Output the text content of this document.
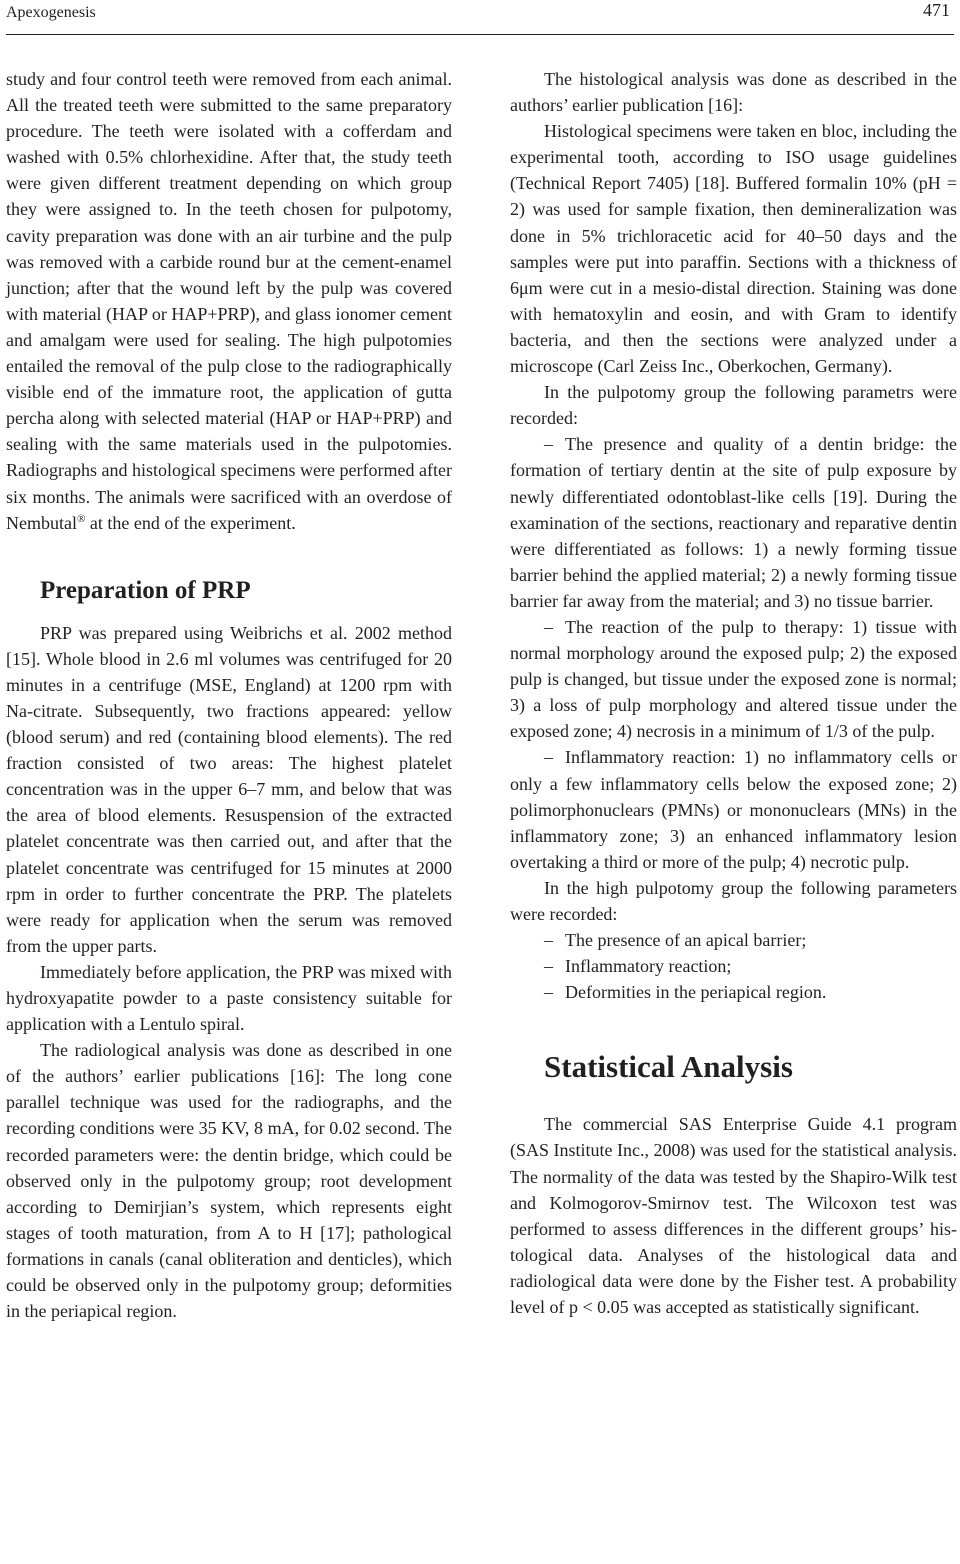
Apexogenesis	471

study and four control teeth were removed from each animal. All the treated teeth were submitted to the same preparatory procedure. The teeth were isolated with a cofferdam and washed with 0.5% chlorhexidine. After that, the study teeth were given different treatment depending on which group they were assigned to. In the teeth chosen for pulpotomy, cavity preparation was done with an air turbine and the pulp was removed with a carbide round bur at the cement-enamel junction; after that the wound left by the pulp was covered with material (HAP or HAP+PRP), and glass ionomer cement and amalgam were used for sealing. The high pulpotomies entailed the removal of the pulp close to the radiographically visible end of the immature root, the application of gutta percha along with selected material (HAP or HAP+PRP) and sealing with the same materials used in the pulpotomies. Radiographs and histological specimens were performed after six months. The animals were sacrificed with an overdose of Nembutal® at the end of the experiment.

Preparation of PRP

PRP was prepared using Weibrichs et al. 2002 method [15]. Whole blood in 2.6 ml volumes was centrifuged for 20 minutes in a centrifuge (MSE, England) at 1200 rpm with Na-citrate. Subsequently, two fractions appeared: yellow (blood serum) and red (containing blood elements). The red fraction consisted of two areas: The highest platelet concentration was in the upper 6–7 mm, and below that was the area of blood elements. Resuspension of the extracted platelet concentrate was then carried out, and after that the platelet concentrate was centrifuged for 15 minutes at 2000 rpm in order to further concentrate the PRP. The platelets were ready for application when the serum was removed from the upper parts.

Immediately before application, the PRP was mixed with hydroxyapatite powder to a paste consistency suitable for application with a Lentulo spiral.

The radiological analysis was done as described in one of the authors’ earlier publications [16]: The long cone parallel technique was used for the radiographs, and the recording conditions were 35 KV, 8 mA, for 0.02 second. The recorded parameters were: the dentin bridge, which could be observed only in the pulpotomy group; root development according to Demirjian’s system, which represents eight stages of tooth maturation, from A to H [17]; pathological formations in canals (canal obliteration and denticles), which could be observed only in the pulpotomy group; deformities in the periapical region.

The histological analysis was done as described in the authors’ earlier publication [16]:

Histological specimens were taken en bloc, including the experimental tooth, according to ISO usage guidelines (Technical Report 7405) [18]. Buffered formalin 10% (pH = 2) was used for sample fixation, then demineralization was done in 5% trichloracetic acid for 40–50 days and the samples were put into paraffin. Sections with a thickness of 6μm were cut in a mesio-distal direction. Staining was done with hematoxylin and eosin, and with Gram to identify bacteria, and then the sections were analyzed under a microscope (Carl Zeiss Inc., Oberkochen, Germany).

In the pulpotomy group the following parametrs were recorded:

– The presence and quality of a dentin bridge: the formation of tertiary dentin at the site of pulp exposure by newly differentiated odontoblast-like cells [19]. During the examination of the sections, reactionary and reparative dentin were differentiated as follows: 1) a newly forming tissue barrier behind the applied material; 2) a newly forming tissue barrier far away from the material; and 3) no tissue barrier.

– The reaction of the pulp to therapy: 1) tissue with normal morphology around the exposed pulp; 2) the exposed pulp is changed, but tissue under the exposed zone is normal; 3) a loss of pulp morphology and altered tissue under the exposed zone; 4) necrosis in a minimum of 1/3 of the pulp.

– Inflammatory reaction: 1) no inflammatory cells or only a few inflammatory cells below the exposed zone; 2) polimorphonuclears (PMNs) or mononuclears (MNs) in the inflammatory zone; 3) an enhanced inflammatory lesion overtaking a third or more of the pulp; 4) necrotic pulp.

In the high pulpotomy group the following parameters were recorded:

– The presence of an apical barrier;

– Inflammatory reaction;

– Deformities in the periapical region.

Statistical Analysis

The commercial SAS Enterprise Guide 4.1 program (SAS Institute Inc., 2008) was used for the statistical analysis. The normality of the data was tested by the Shapiro-Wilk test and Kolmogorov-Smirnov test. The Wilcoxon test was performed to assess differences in the different groups’ histological data. Analyses of the histological data and radiological data were done by the Fisher test. A probability level of p < 0.05 was accepted as statistically significant.
